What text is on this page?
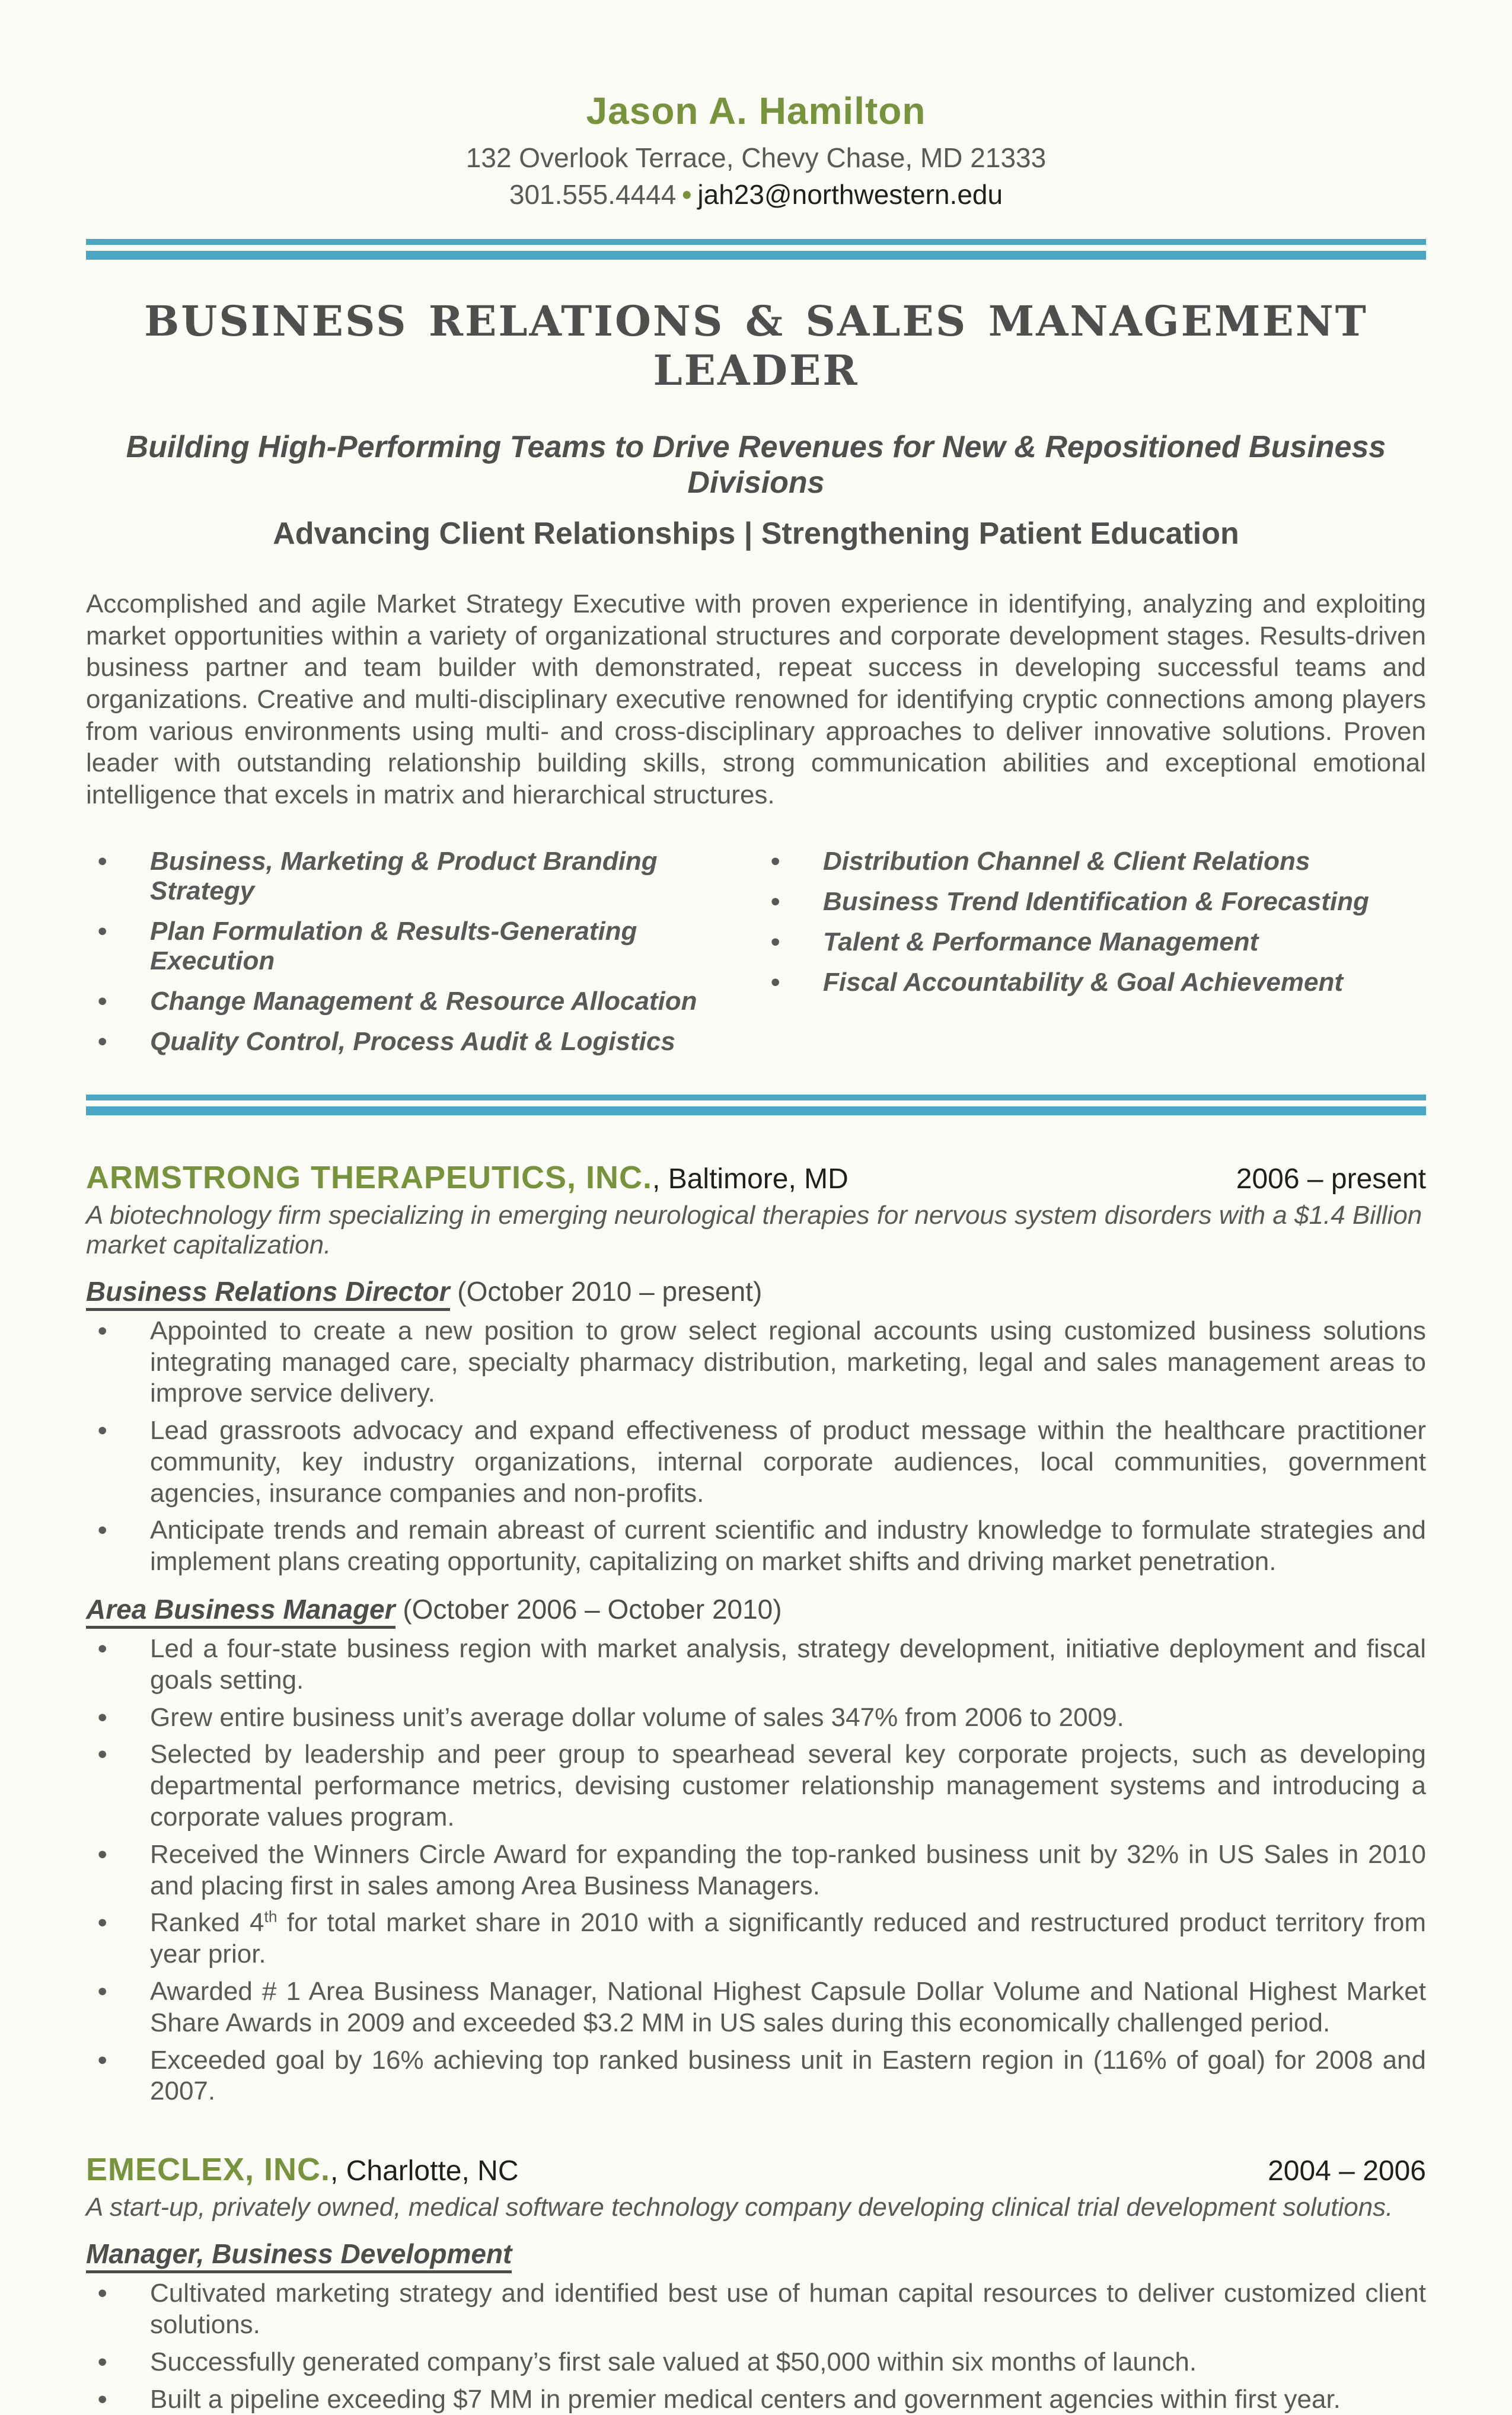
Jason A. Hamilton
132 Overlook Terrace, Chevy Chase, MD 21333
301.555.4444 • jah23@northwestern.edu
BUSINESS RELATIONS & SALES MANAGEMENT LEADER
Building High-Performing Teams to Drive Revenues for New & Repositioned Business Divisions
Advancing Client Relationships | Strengthening Patient Education
Accomplished and agile Market Strategy Executive with proven experience in identifying, analyzing and exploiting market opportunities within a variety of organizational structures and corporate development stages. Results-driven business partner and team builder with demonstrated, repeat success in developing successful teams and organizations. Creative and multi-disciplinary executive renowned for identifying cryptic connections among players from various environments using multi- and cross-disciplinary approaches to deliver innovative solutions. Proven leader with outstanding relationship building skills, strong communication abilities and exceptional emotional intelligence that excels in matrix and hierarchical structures.
•	Business, Marketing & Product Branding Strategy
•	Plan Formulation & Results-Generating Execution
•	Change Management & Resource Allocation
•	Quality Control, Process Audit & Logistics
•	Distribution Channel & Client Relations
•	Business Trend Identification & Forecasting
•	Talent & Performance Management
•	Fiscal Accountability & Goal Achievement
ARMSTRONG THERAPEUTICS, INC. , Baltimore, MD	2006 – present
A biotechnology firm specializing in emerging neurological therapies for nervous system disorders with a $1.4 Billion market capitalization.
Business Relations Director (October 2010 – present)
•	Appointed to create a new position to grow select regional accounts using customized business solutions integrating managed care, specialty pharmacy distribution, marketing, legal and sales management areas to improve service delivery.
•	Lead grassroots advocacy and expand effectiveness of product message within the healthcare practitioner community, key industry organizations, internal corporate audiences, local communities, government agencies, insurance companies and non-profits.
•	Anticipate trends and remain abreast of current scientific and industry knowledge to formulate strategies and implement plans creating opportunity, capitalizing on market shifts and driving market penetration.
Area Business Manager (October 2006 – October 2010)
•	Led a four-state business region with market analysis, strategy development, initiative deployment and fiscal goals setting.
•	Grew entire business unit’s average dollar volume of sales 347% from 2006 to 2009.
•	Selected by leadership and peer group to spearhead several key corporate projects, such as developing departmental performance metrics, devising customer relationship management systems and introducing a corporate values program.
•	Received the Winners Circle Award for expanding the top-ranked business unit by 32% in US Sales in 2010 and placing first in sales among Area Business Managers.
•	Ranked 4th for total market share in 2010 with a significantly reduced and restructured product territory from year prior.
•	Awarded # 1 Area Business Manager, National Highest Capsule Dollar Volume and National Highest Market Share Awards in 2009 and exceeded $3.2 MM in US sales during this economically challenged period.
•	Exceeded goal by 16% achieving top ranked business unit in Eastern region in (116% of goal) for 2008 and 2007.
EMECLEX, INC. , Charlotte, NC	2004 – 2006
A start-up, privately owned, medical software technology company developing clinical trial development solutions.
Manager, Business Development
•	Cultivated marketing strategy and identified best use of human capital resources to deliver customized client solutions.
•	Successfully generated company’s first sale valued at $50,000 within six months of launch.
•	Built a pipeline exceeding $7 MM in premier medical centers and government agencies within first year.
